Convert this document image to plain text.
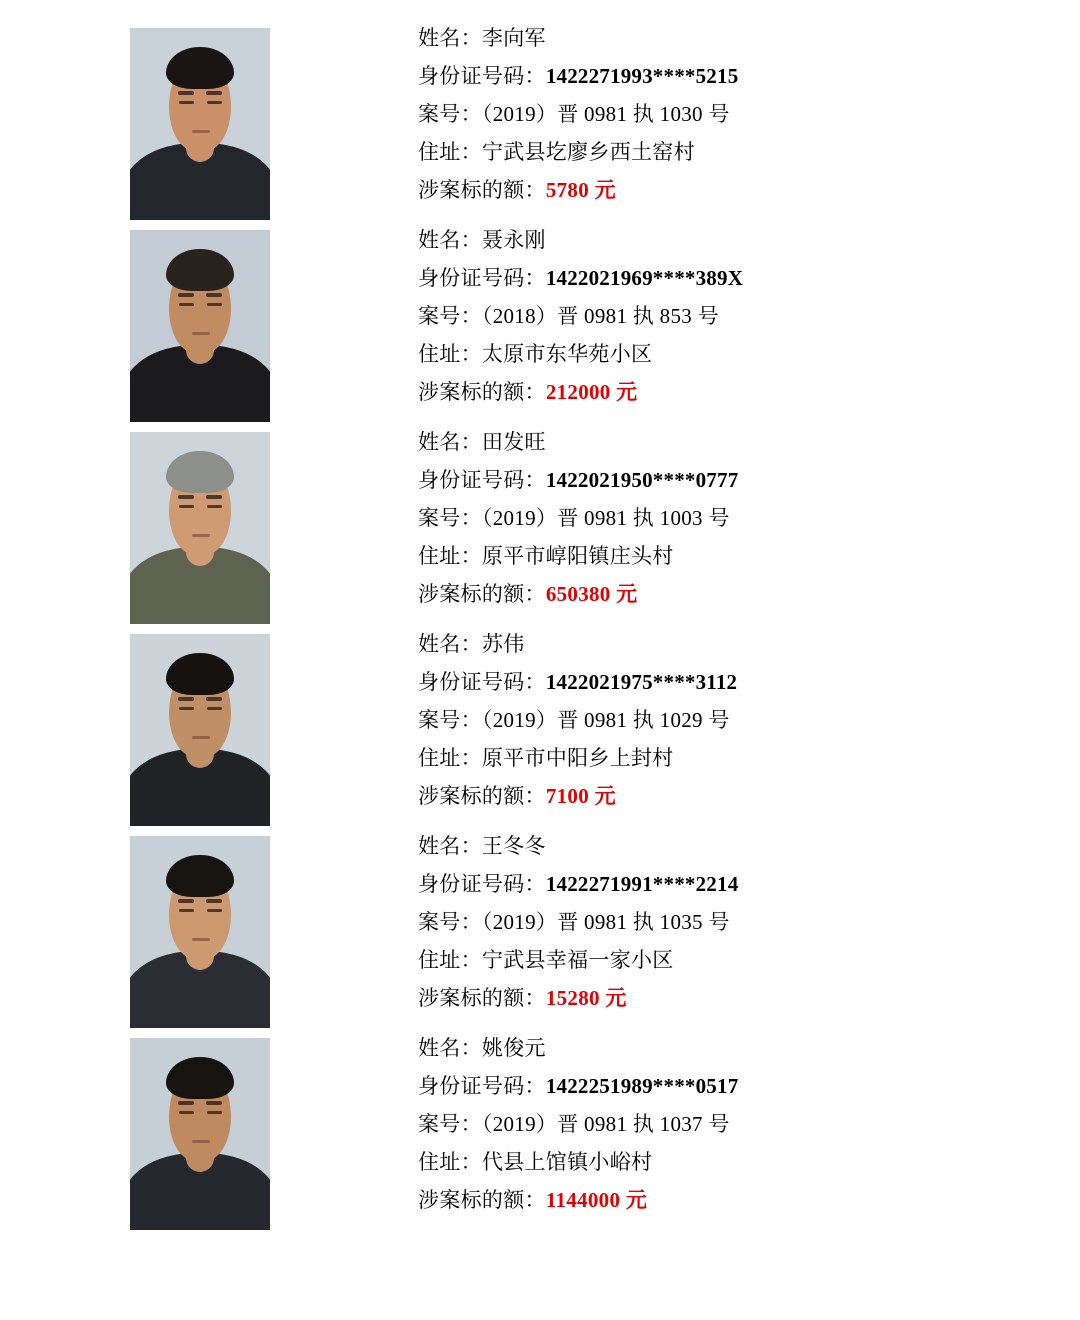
姓名：李向军
身份证号码：1422271993****5215
案号：（2019）晋 0981 执 1030 号
住址：宁武县圪廖乡西土窑村
涉案标的额：5780 元
姓名：聂永刚
身份证号码：1422021969****389X
案号：（2018）晋 0981 执 853 号
住址：太原市东华苑小区
涉案标的额：212000 元
姓名：田发旺
身份证号码：1422021950****0777
案号：（2019）晋 0981 执 1003 号
住址：原平市崞阳镇庄头村
涉案标的额：650380 元
姓名：苏伟
身份证号码：1422021975****3112
案号：（2019）晋 0981 执 1029 号
住址：原平市中阳乡上封村
涉案标的额：7100 元
姓名：王冬冬
身份证号码：1422271991****2214
案号：（2019）晋 0981 执 1035 号
住址：宁武县幸福一家小区
涉案标的额：15280 元
姓名：姚俊元
身份证号码：1422251989****0517
案号：（2019）晋 0981 执 1037 号
住址：代县上馆镇小峪村
涉案标的额：1144000 元
